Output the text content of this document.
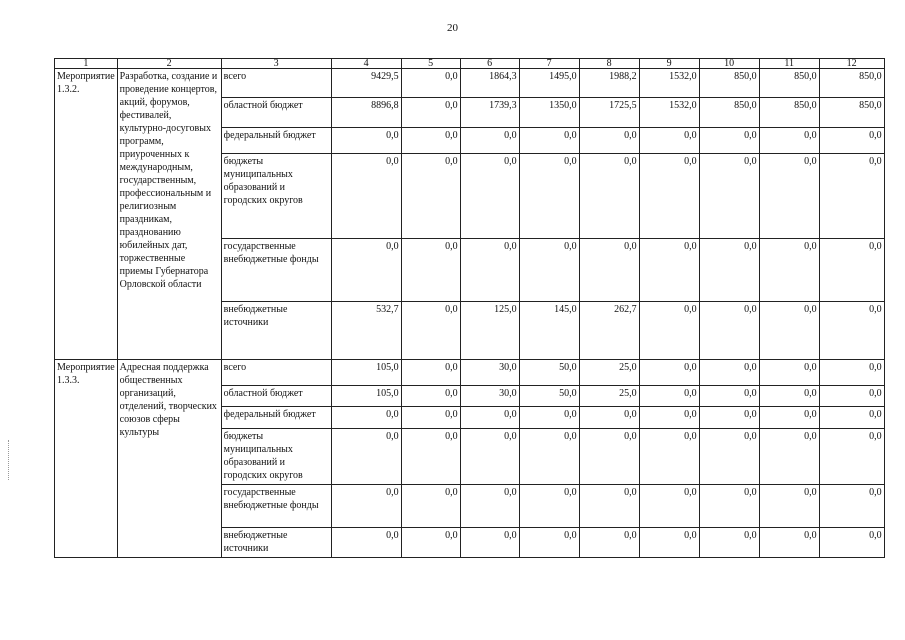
20
1	2	3	4	5	6	7	8	9	10	11	12
Мероприятие 1.3.2.	Разработка, создание и проведение концертов, акций, форумов, фестивалей, культурно-досуговых программ, приуроченных к международным, государственным, профессиональным и религиозным праздникам, празднованию юбилейных дат, торжественные приемы Губернатора Орловской области	всего	9429,5	0,0	1864,3	1495,0	1988,2	1532,0	850,0	850,0	850,0
		областной бюджет	8896,8	0,0	1739,3	1350,0	1725,5	1532,0	850,0	850,0	850,0
		федеральный бюджет	0,0	0,0	0,0	0,0	0,0	0,0	0,0	0,0	0,0
		бюджеты муниципальных образований и городских округов	0,0	0,0	0,0	0,0	0,0	0,0	0,0	0,0	0,0
		государственные внебюджетные фонды	0,0	0,0	0,0	0,0	0,0	0,0	0,0	0,0	0,0
		внебюджетные источники	532,7	0,0	125,0	145,0	262,7	0,0	0,0	0,0	0,0
Мероприятие 1.3.3.	Адресная поддержка общественных организаций, отделений, творческих союзов сферы культуры	всего	105,0	0,0	30,0	50,0	25,0	0,0	0,0	0,0	0,0
		областной бюджет	105,0	0,0	30,0	50,0	25,0	0,0	0,0	0,0	0,0
		федеральный бюджет	0,0	0,0	0,0	0,0	0,0	0,0	0,0	0,0	0,0
		бюджеты муниципальных образований и городских округов	0,0	0,0	0,0	0,0	0,0	0,0	0,0	0,0	0,0
		государственные внебюджетные фонды	0,0	0,0	0,0	0,0	0,0	0,0	0,0	0,0	0,0
		внебюджетные источники	0,0	0,0	0,0	0,0	0,0	0,0	0,0	0,0	0,0
